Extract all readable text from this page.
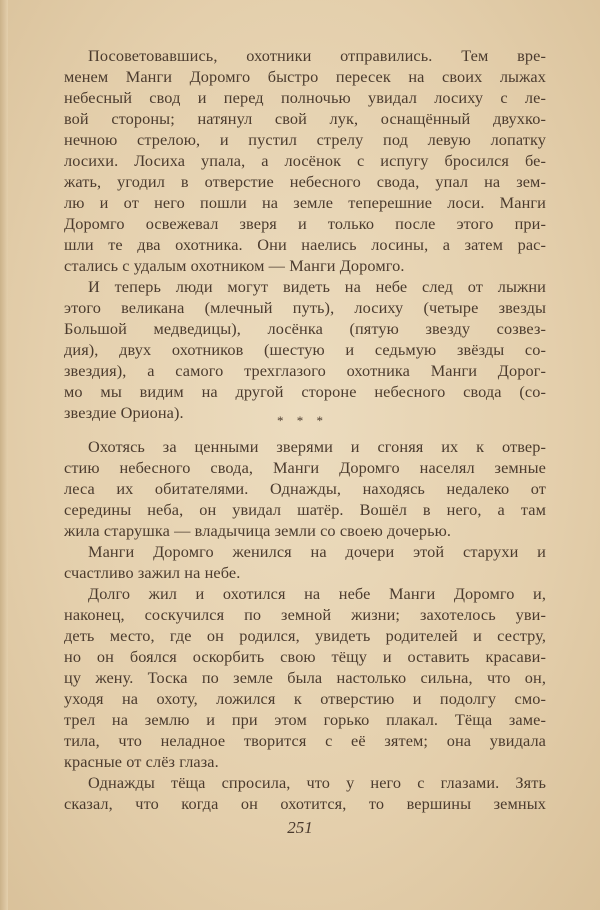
Посоветовавшись, охотники отправились. Тем вре-
менем Манги Доромго быстро пересек на своих лыжах
небесный свод и перед полночью увидал лосиху с ле-
вой стороны; натянул свой лук, оснащённый двухко-
нечною стрелою, и пустил стрелу под левую лопатку
лосихи. Лосиха упала, а лосёнок с испугу бросился бе-
жать, угодил в отверстие небесного свода, упал на зем-
лю и от него пошли на земле теперешние лоси. Манги
Доромго освежевал зверя и только после этого при-
шли те два охотника. Они наелись лосины, а затем рас-
стались с удалым охотником — Манги Доромго.
И теперь люди могут видеть на небе след от лыжни
этого великана (млечный путь), лосиху (четыре звезды
Большой медведицы), лосёнка (пятую звезду созвез-
дия), двух охотников (шестую и седьмую звёзды со-
звездия), а самого трехглазого охотника Манги Дорог-
мо мы видим на другой стороне небесного свода (со-
звездие Ориона).	* * *
Охотясь за ценными зверями и сгоняя их к отвер-
стию небесного свода, Манги Доромго населял земные
леса их обитателями. Однажды, находясь недалеко от
середины неба, он увидал шатёр. Вошёл в него, а там
жила старушка — владычица земли со своею дочерью.
Манги Доромго женился на дочери этой старухи и
счастливо зажил на небе.
Долго жил и охотился на небе Манги Доромго и,
наконец, соскучился по земной жизни; захотелось уви-
деть место, где он родился, увидеть родителей и сестру,
но он боялся оскорбить свою тёщу и оставить красави-
цу жену. Тоска по земле была настолько сильна, что он,
уходя на охоту, ложился к отверстию и подолгу смо-
трел на землю и при этом горько плакал. Тёща заме-
тила, что неладное творится с её зятем; она увидала
красные от слёз глаза.
Однажды тёща спросила, что у него с глазами. Зять
сказал, что когда он охотится, то вершины земных
251
